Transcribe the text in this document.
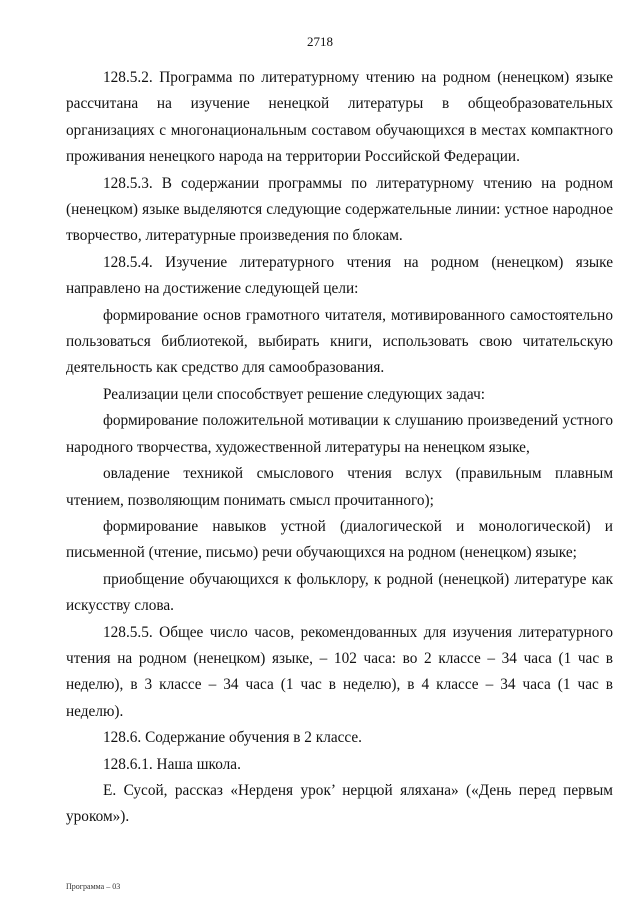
2718

128.5.2. Программа по литературному чтению на родном (ненецком) языке рассчитана на изучение ненецкой литературы в общеобразовательных организациях с многонациональным составом обучающихся в местах компактного проживания ненецкого народа на территории Российской Федерации.

128.5.3. В содержании программы по литературному чтению на родном (ненецком) языке выделяются следующие содержательные линии: устное народное творчество, литературные произведения по блокам.

128.5.4. Изучение литературного чтения на родном (ненецком) языке направлено на достижение следующей цели:

формирование основ грамотного читателя, мотивированного самостоятельно пользоваться библиотекой, выбирать книги, использовать свою читательскую деятельность как средство для самообразования.

Реализации цели способствует решение следующих задач:

формирование положительной мотивации к слушанию произведений устного народного творчества, художественной литературы на ненецком языке,

овладение техникой смыслового чтения вслух (правильным плавным чтением, позволяющим понимать смысл прочитанного);

формирование навыков устной (диалогической и монологической) и письменной (чтение, письмо) речи обучающихся на родном (ненецком) языке;

приобщение обучающихся к фольклору, к родной (ненецкой) литературе как искусству слова.

128.5.5. Общее число часов, рекомендованных для изучения литературного чтения на родном (ненецком) языке, – 102 часа: во 2 классе – 34 часа (1 час в неделю), в 3 классе – 34 часа (1 час в неделю), в 4 классе – 34 часа (1 час в неделю).

128.6. Содержание обучения в 2 классе.

128.6.1. Наша школа.

Е. Сусой, рассказ «Нерденя урок’ нерцюй яляхана» («День перед первым уроком»).

Программа – 03
